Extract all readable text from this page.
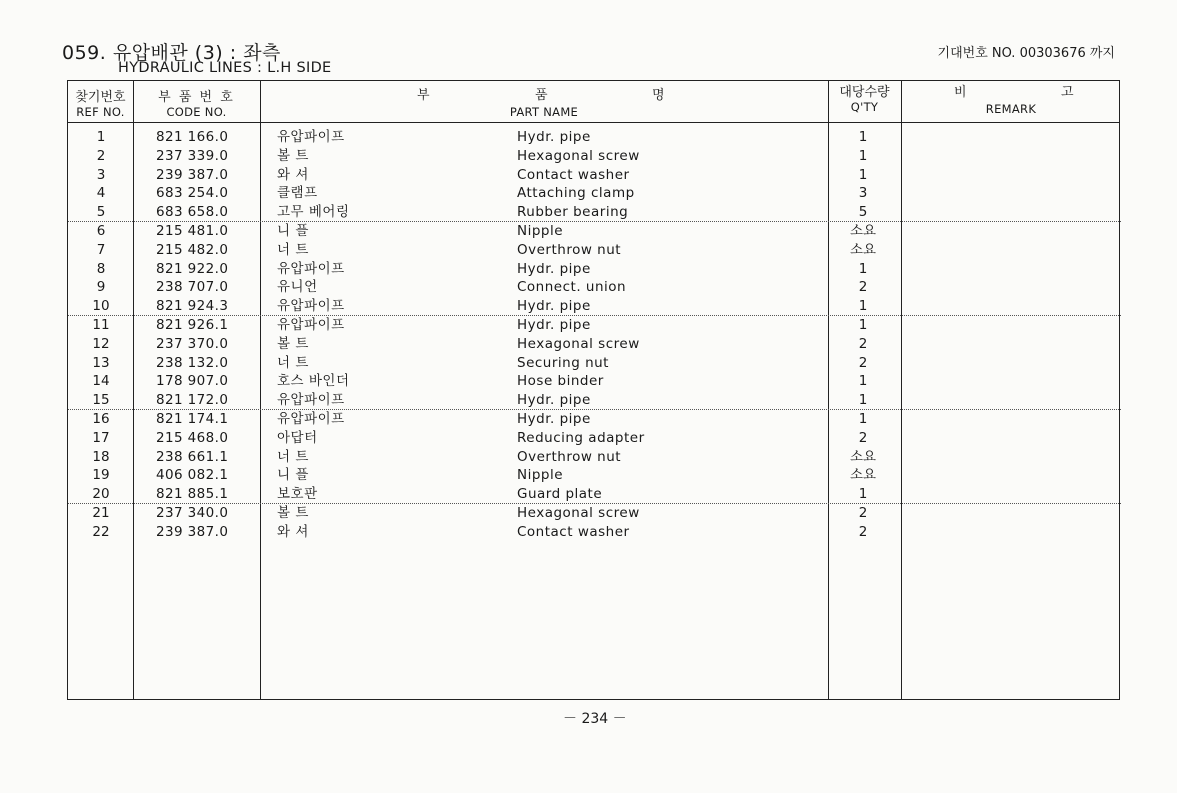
059. 유압배관 (3) : 좌측
HYDRAULIC LINES : L.H SIDE
기대번호 NO. 00303676 까지
찾기번호
REF NO.
부 품 번 호
CODE NO.
부	품	명
PART NAME
대당수량
Q'TY
비	고
REMARK
1	821 166.0	유압파이프	Hydr. pipe	1
2	237 339.0	볼 트	Hexagonal screw	1
3	239 387.0	와 셔	Contact washer	1
4	683 254.0	클램프	Attaching clamp	3
5	683 658.0	고무 베어링	Rubber bearing	5
6	215 481.0	니 플	Nipple	소요
7	215 482.0	너 트	Overthrow nut	소요
8	821 922.0	유압파이프	Hydr. pipe	1
9	238 707.0	유니언	Connect. union	2
10	821 924.3	유압파이프	Hydr. pipe	1
11	821 926.1	유압파이프	Hydr. pipe	1
12	237 370.0	볼 트	Hexagonal screw	2
13	238 132.0	너 트	Securing nut	2
14	178 907.0	호스 바인더	Hose binder	1
15	821 172.0	유압파이프	Hydr. pipe	1
16	821 174.1	유압파이프	Hydr. pipe	1
17	215 468.0	아답터	Reducing adapter	2
18	238 661.1	너 트	Overthrow nut	소요
19	406 082.1	니 플	Nipple	소요
20	821 885.1	보호판	Guard plate	1
21	237 340.0	볼 트	Hexagonal screw	2
22	239 387.0	와 셔	Contact washer	2
－ 234 －
